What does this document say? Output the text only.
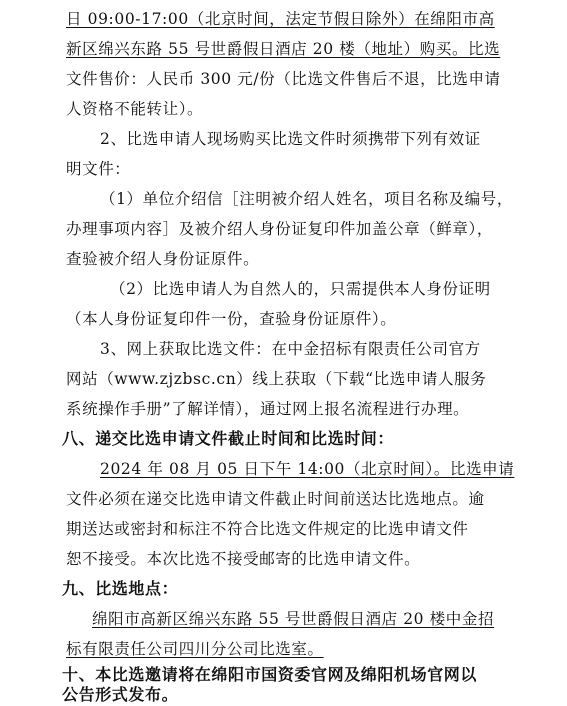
日 09:00-17:00（北京时间，法定节假日除外）在绵阳市高
新区绵兴东路 55 号世爵假日酒店 20 楼（地址）购买。比选
文件售价：人民币 300 元/份（比选文件售后不退，比选申请
人资格不能转让）。
2、比选申请人现场购买比选文件时须携带下列有效证
明文件：
（1）单位介绍信［注明被介绍人姓名，项目名称及编号，
办理事项内容］及被介绍人身份证复印件加盖公章（鲜章），
查验被介绍人身份证原件。
（2）比选申请人为自然人的，只需提供本人身份证明
（本人身份证复印件一份，查验身份证原件）。
3、网上获取比选文件：在中金招标有限责任公司官方
网站（www.zjzbsc.cn）线上获取（下载“比选申请人服务
系统操作手册”了解详情），通过网上报名流程进行办理。
八、递交比选申请文件截止时间和比选时间：
2024 年 08 月 05 日下午 14:00（北京时间）。比选申请
文件必须在递交比选申请文件截止时间前送达比选地点。逾
期送达或密封和标注不符合比选文件规定的比选申请文件
恕不接受。本次比选不接受邮寄的比选申请文件。
九、比选地点：
绵阳市高新区绵兴东路 55 号世爵假日酒店 20 楼中金招
标有限责任公司四川分公司比选室。
十、本比选邀请将在绵阳市国资委官网及绵阳机场官网以
公告形式发布。
